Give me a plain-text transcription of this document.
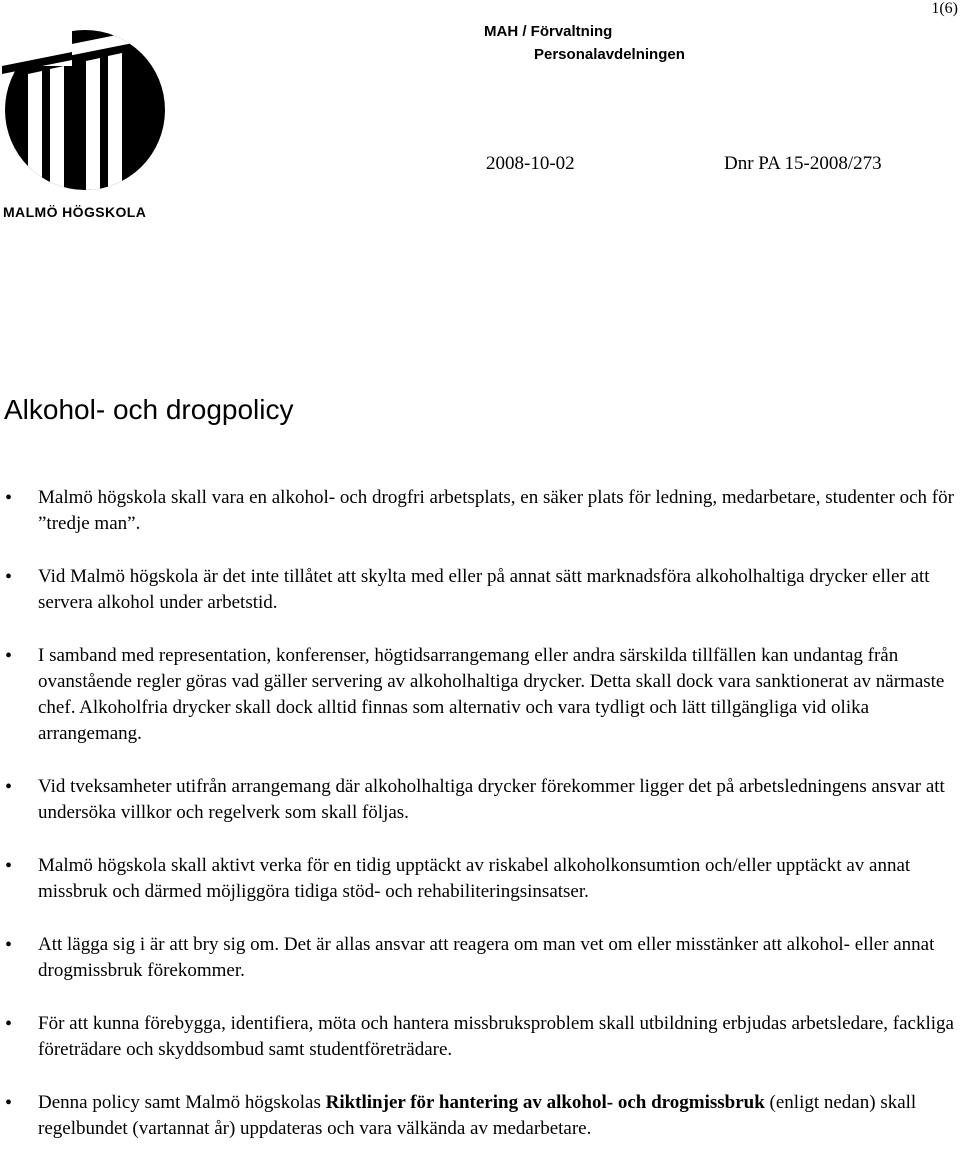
1(6)
MAH / Förvaltning
Personalavdelningen
MALMÖ HÖGSKOLA
2008-10-02	Dnr PA 15-2008/273
Alkohol- och drogpolicy
• Malmö högskola skall vara en alkohol- och drogfri arbetsplats, en säker plats för ledning, medarbetare, studenter och för ”tredje man”.
• Vid Malmö högskola är det inte tillåtet att skylta med eller på annat sätt marknadsföra alkoholhaltiga drycker eller att servera alkohol under arbetstid.
• I samband med representation, konferenser, högtidsarrangemang eller andra särskilda tillfällen kan undantag från ovanstående regler göras vad gäller servering av alkoholhaltiga drycker. Detta skall dock vara sanktionerat av närmaste chef. Alkoholfria drycker skall dock alltid finnas som alternativ och vara tydligt och lätt tillgängliga vid olika arrangemang.
• Vid tveksamheter utifrån arrangemang där alkoholhaltiga drycker förekommer ligger det på arbetsledningens ansvar att undersöka villkor och regelverk som skall följas.
• Malmö högskola skall aktivt verka för en tidig upptäckt av riskabel alkoholkonsumtion och/eller upptäckt av annat missbruk och därmed möjliggöra tidiga stöd- och rehabiliteringsinsatser.
• Att lägga sig i är att bry sig om. Det är allas ansvar att reagera om man vet om eller misstänker att alkohol- eller annat drogmissbruk förekommer.
• För att kunna förebygga, identifiera, möta och hantera missbruksproblem skall utbildning erbjudas arbetsledare, fackliga företrädare och skyddsombud samt studentföreträdare.
• Denna policy samt Malmö högskolas Riktlinjer för hantering av alkohol- och drogmissbruk (enligt nedan) skall regelbundet (vartannat år) uppdateras och vara välkända av medarbetare.
